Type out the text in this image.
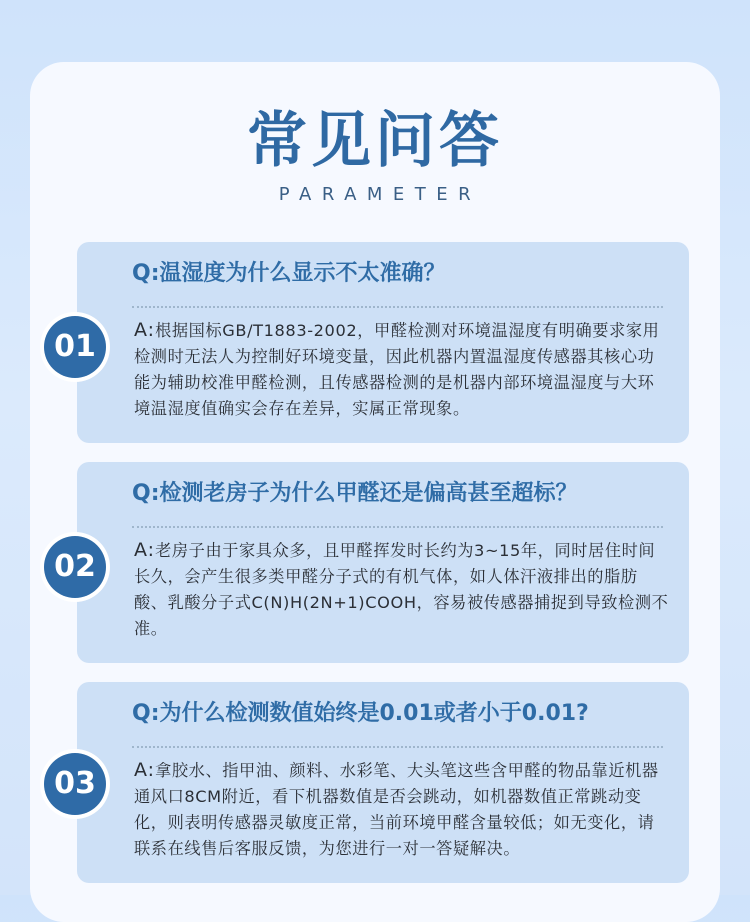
常见问答
PARAMETER
Q:温湿度为什么显示不太准确？
A:根据国标GB/T1883-2002，甲醛检测对环境温湿度有明确要求家用检测时无法人为控制好环境变量，因此机器内置温湿度传感器其核心功能为辅助校准甲醛检测，且传感器检测的是机器内部环境温湿度与大环境温湿度值确实会存在差异，实属正常现象。
01
Q:检测老房子为什么甲醛还是偏高甚至超标？
A:老房子由于家具众多，且甲醛挥发时长约为3~15年，同时居住时间长久，会产生很多类甲醛分子式的有机气体，如人体汗液排出的脂肪酸、乳酸分子式C(N)H(2N+1)COOH，容易被传感器捕捉到导致检测不准。
02
Q:为什么检测数值始终是0.01或者小于0.01?
A:拿胶水、指甲油、颜料、水彩笔、大头笔这些含甲醛的物品靠近机器通风口8CM附近，看下机器数值是否会跳动，如机器数值正常跳动变化，则表明传感器灵敏度正常，当前环境甲醛含量较低；如无变化，请联系在线售后客服反馈，为您进行一对一答疑解决。
03
